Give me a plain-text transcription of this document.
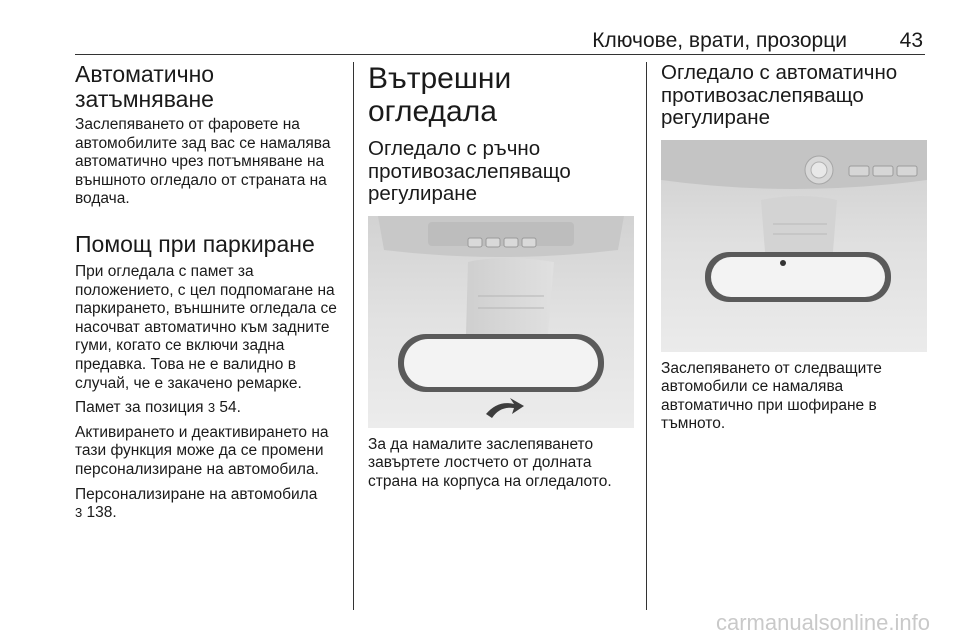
Ключове, врати, прозорци	43
Автоматично затъмняване

Заслепяването от фаровете на автомобилите зад вас се намалява автоматично чрез потъмняване на външното огледало от страната на водача.

Помощ при паркиране

При огледала с памет за положението, с цел подпомагане на паркирането, външните огледала се насочват автоматично към задните гуми, когато се включи задна предавка. Това не е валидно в случай, че е закачено ремарке.

Памет за позиция 3 54.

Активирането и деактивирането на тази функция може да се промени персонализиране на автомобила.

Персонализиране на автомобила
3 138.

Вътрешни огледала
Огледало с ръчно противозаслепяващо регулиране

За да намалите заслепяването завъртете лостчето от долната страна на корпуса на огледалото.

Огледало с автоматично противозаслепяващо регулиране

Заслепяването от следващите автомобили се намалява автоматично при шофиране в тъмното.

carmanualsonline.info
